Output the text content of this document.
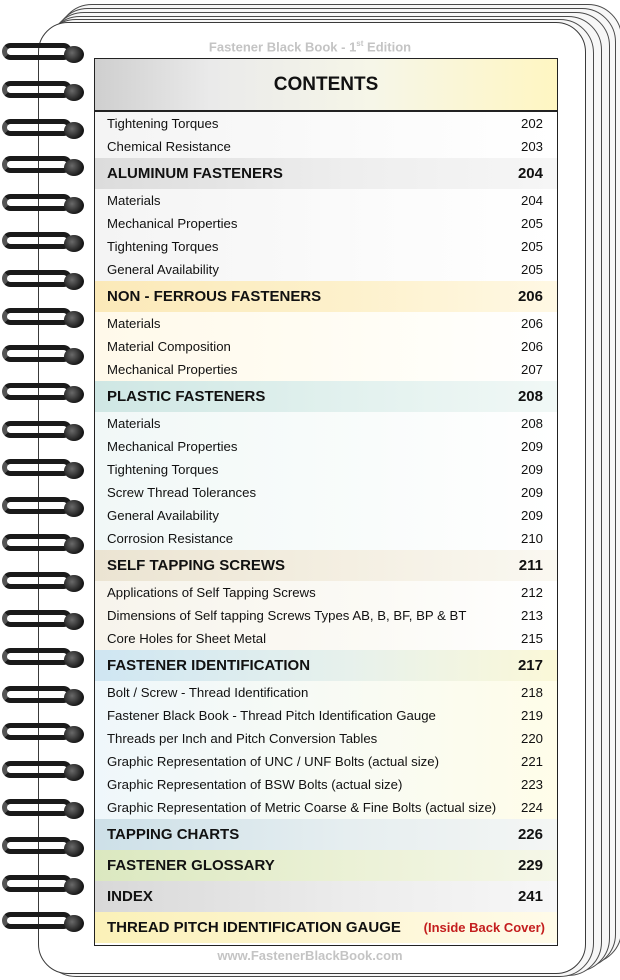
Fastener Black Book - 1st Edition
www.FastenerBlackBook.com
CONTENTS
Tightening Torques	202
Chemical Resistance	203
ALUMINUM FASTENERS	204
Materials	204
Mechanical Properties	205
Tightening Torques	205
General Availability	205
NON - FERROUS FASTENERS	206
Materials	206
Material Composition	206
Mechanical Properties	207
PLASTIC FASTENERS	208
Materials	208
Mechanical Properties	209
Tightening Torques	209
Screw Thread Tolerances	209
General Availability	209
Corrosion Resistance	210
SELF TAPPING SCREWS	211
Applications of Self Tapping Screws	212
Dimensions of Self tapping Screws Types AB, B, BF, BP & BT	213
Core Holes for Sheet Metal	215
FASTENER IDENTIFICATION	217
Bolt / Screw - Thread Identification	218
Fastener Black Book - Thread Pitch Identification Gauge	219
Threads per Inch and Pitch Conversion Tables	220
Graphic Representation of UNC / UNF Bolts (actual size)	221
Graphic Representation of BSW Bolts (actual size)	223
Graphic Representation of Metric Coarse & Fine Bolts (actual size) 224
TAPPING CHARTS	226
FASTENER GLOSSARY	229
INDEX	241
THREAD PITCH IDENTIFICATION GAUGE (Inside Back Cover)
